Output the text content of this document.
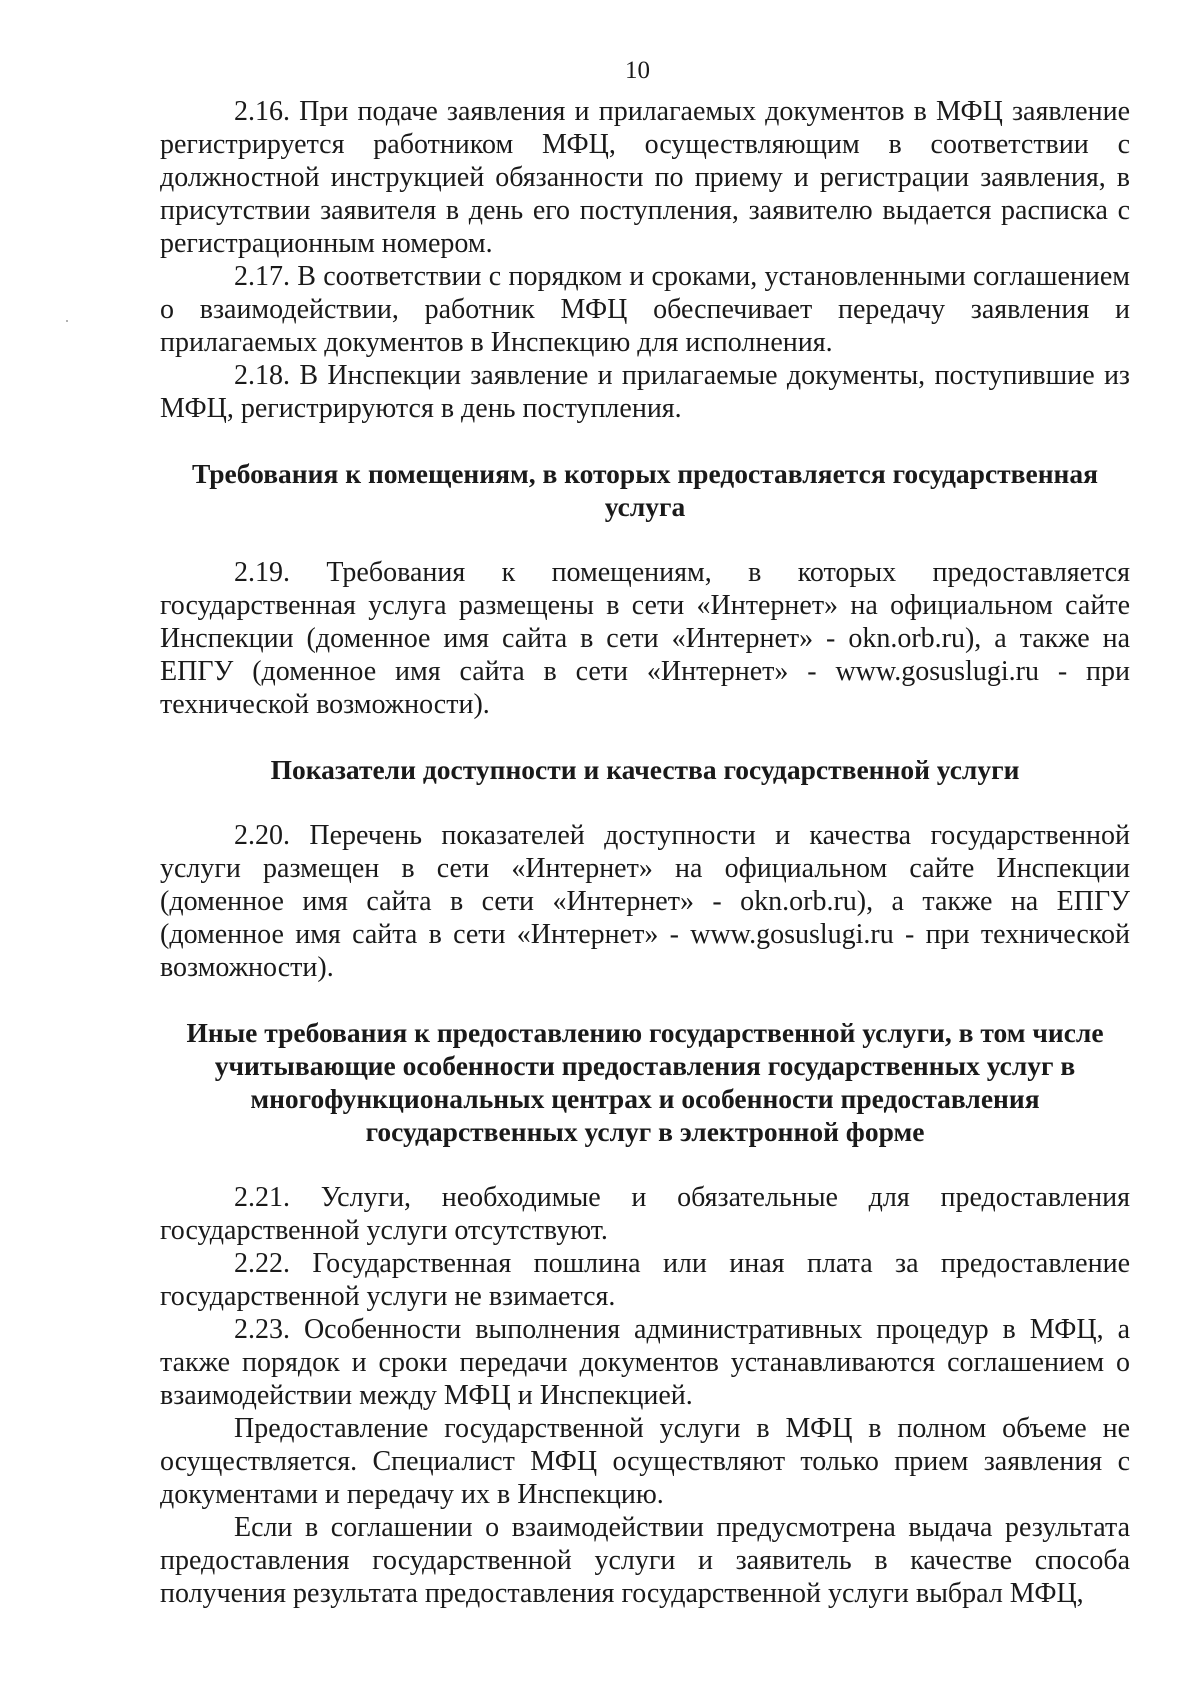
10

2.16. При подаче заявления и прилагаемых документов в МФЦ заявление регистрируется работником МФЦ, осуществляющим в соответствии с должностной инструкцией обязанности по приему и регистрации заявления, в присутствии заявителя в день его поступления, заявителю выдается расписка с регистрационным номером.

2.17. В соответствии с порядком и сроками, установленными соглашением о взаимодействии, работник МФЦ обеспечивает передачу заявления и прилагаемых документов в Инспекцию для исполнения.

2.18. В Инспекции заявление и прилагаемые документы, поступившие из МФЦ, регистрируются в день поступления.

Требования к помещениям, в которых предоставляется государственная услуга

2.19. Требования к помещениям, в которых предоставляется государственная услуга размещены в сети «Интернет» на официальном сайте Инспекции (доменное имя сайта в сети «Интернет» - okn.orb.ru), а также на ЕПГУ (доменное имя сайта в сети «Интернет» - www.gosuslugi.ru - при технической возможности).

Показатели доступности и качества государственной услуги

2.20. Перечень показателей доступности и качества государственной услуги размещен в сети «Интернет» на официальном сайте Инспекции (доменное имя сайта в сети «Интернет» - okn.orb.ru), а также на ЕПГУ (доменное имя сайта в сети «Интернет» - www.gosuslugi.ru - при технической возможности).

Иные требования к предоставлению государственной услуги, в том числе учитывающие особенности предоставления государственных услуг в многофункциональных центрах и особенности предоставления государственных услуг в электронной форме

2.21. Услуги, необходимые и обязательные для предоставления государственной услуги отсутствуют.

2.22. Государственная пошлина или иная плата за предоставление государственной услуги не взимается.

2.23. Особенности выполнения административных процедур в МФЦ, а также порядок и сроки передачи документов устанавливаются соглашением о взаимодействии между МФЦ и Инспекцией.

Предоставление государственной услуги в МФЦ в полном объеме не осуществляется. Специалист МФЦ осуществляют только прием заявления с документами и передачу их в Инспекцию.

Если в соглашении о взаимодействии предусмотрена выдача результата предоставления государственной услуги и заявитель в качестве способа получения результата предоставления государственной услуги выбрал МФЦ,
